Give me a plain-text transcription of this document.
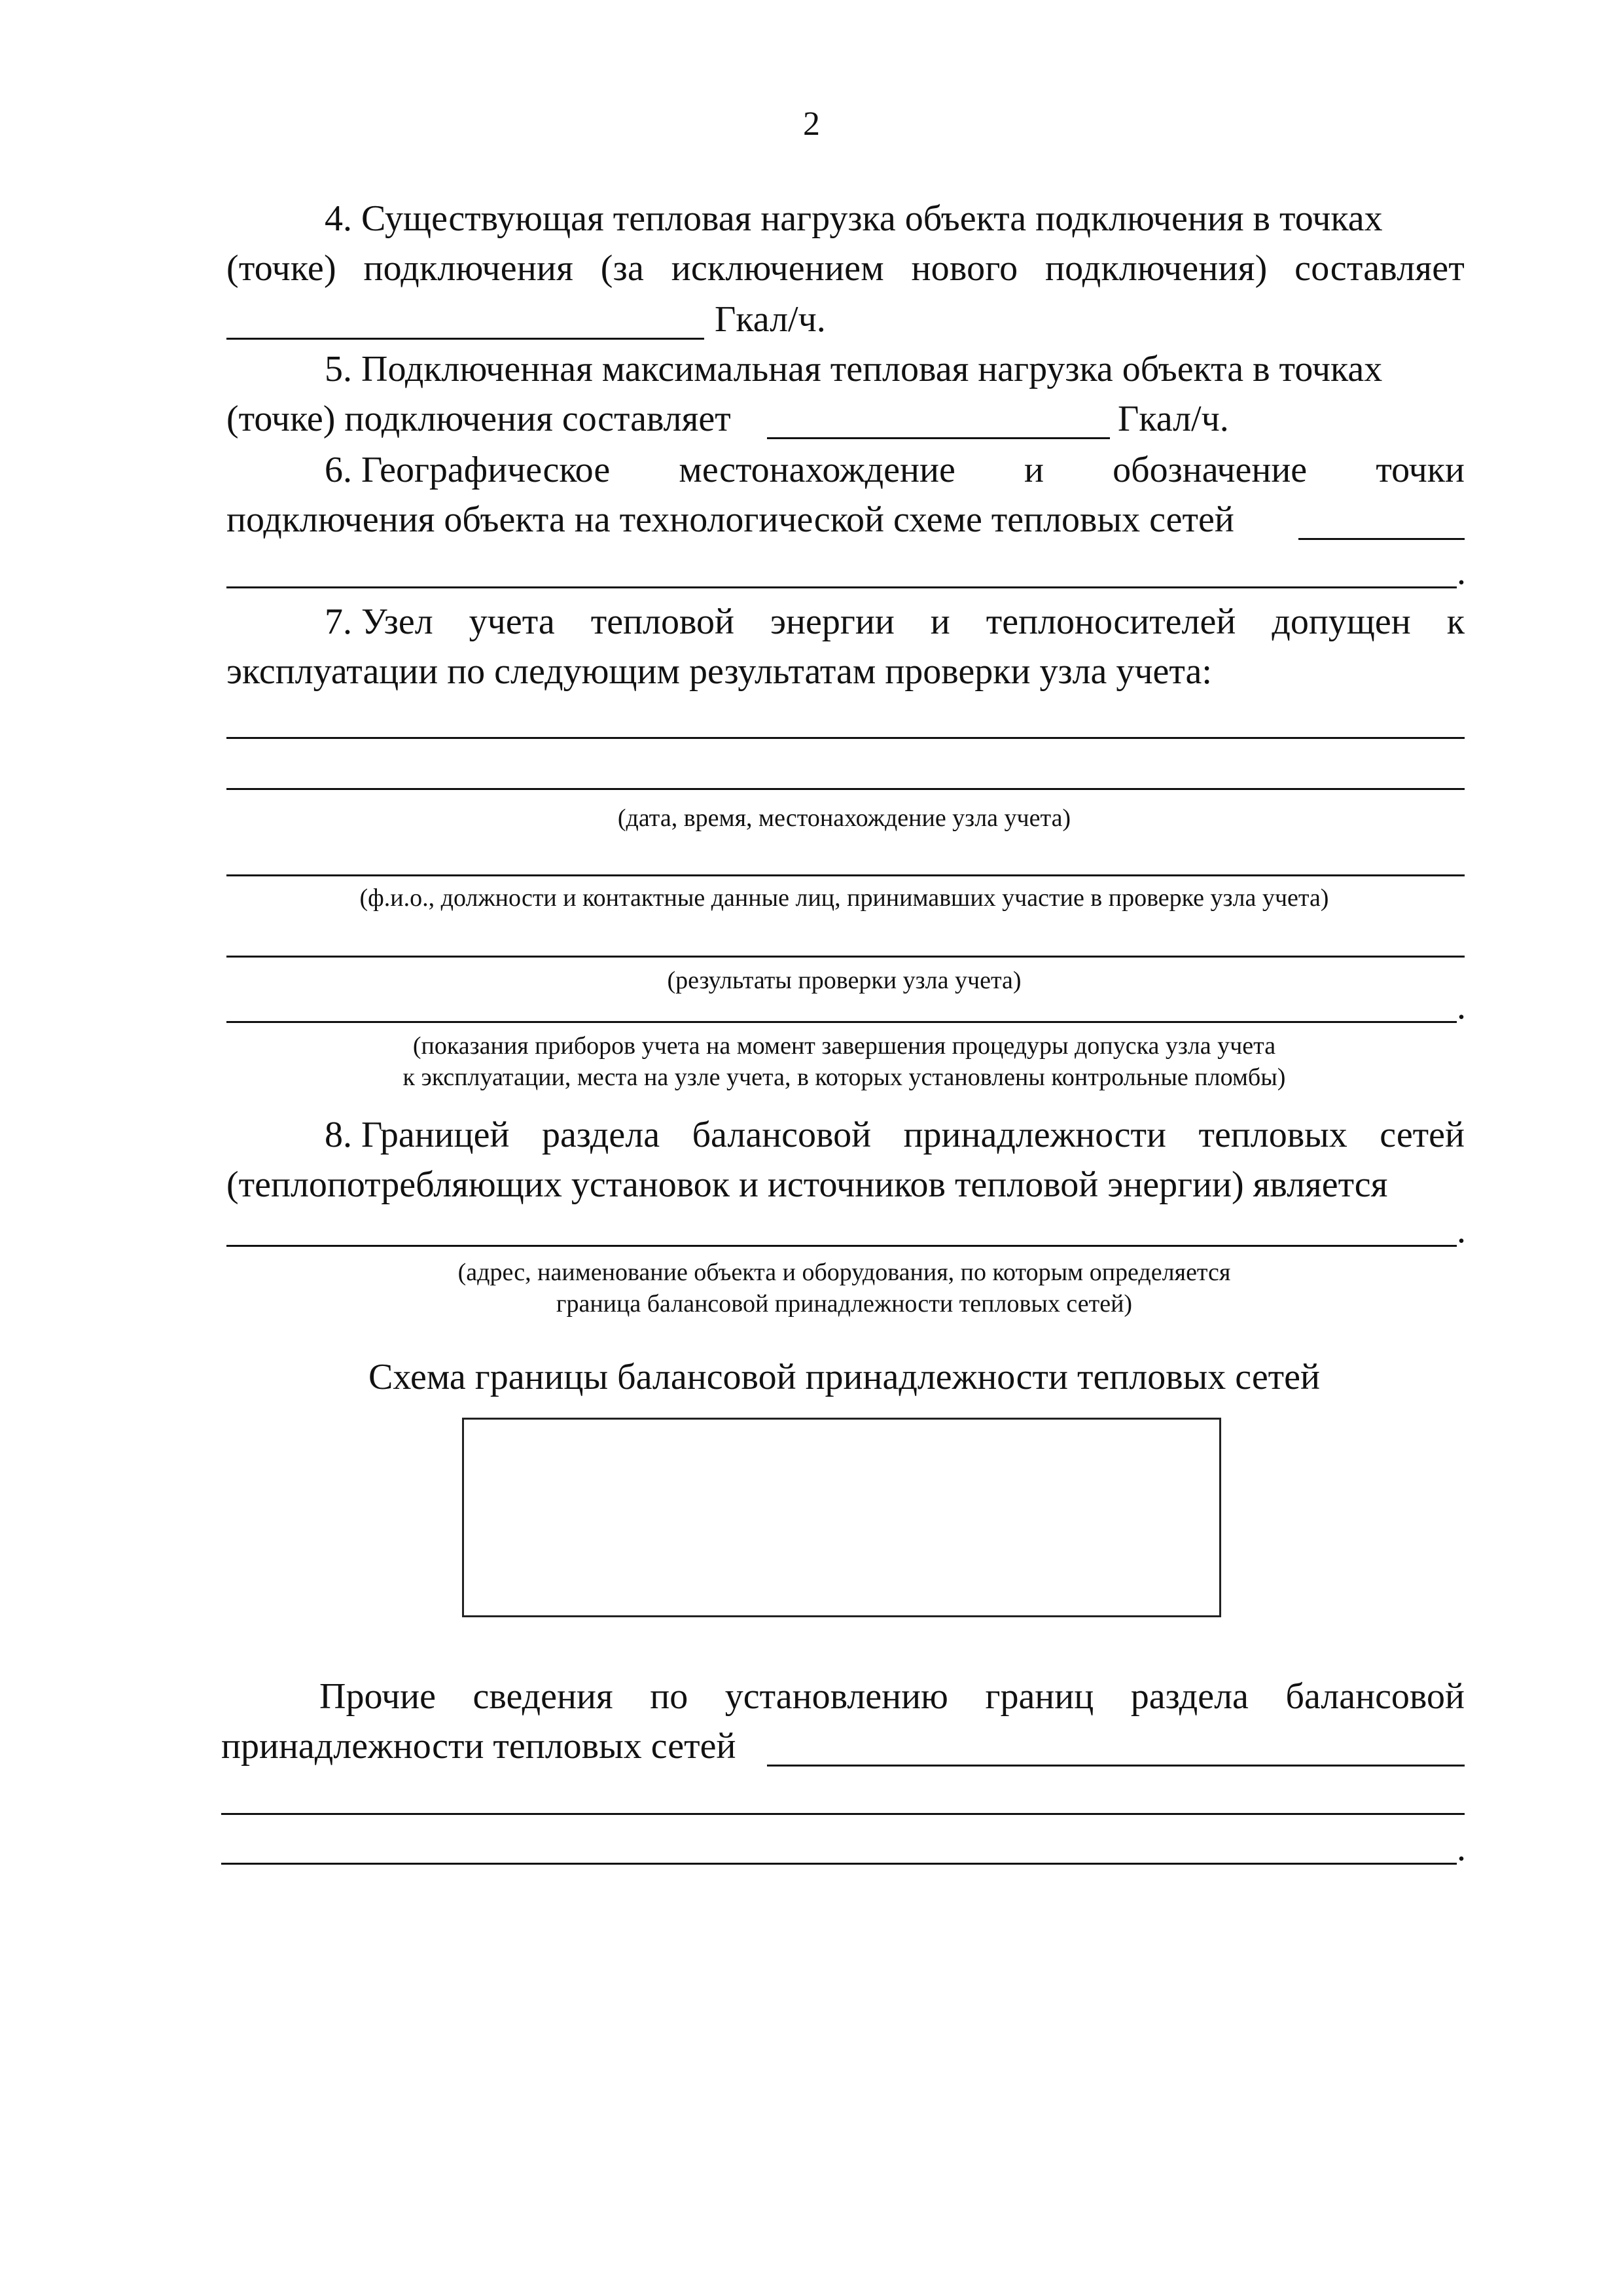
2
4. Существующая тепловая нагрузка объекта подключения в точках
(точке) подключения (за исключением нового подключения) составляет
Гкал/ч.
5. Подключенная максимальная тепловая нагрузка объекта в точках
(точке) подключения составляет	Гкал/ч.
6. Географическое местонахождение и обозначение точки
подключения объекта на технологической схеме тепловых сетей
.
7. Узел учета тепловой энергии и теплоносителей допущен к
эксплуатации по следующим результатам проверки узла учета:
(дата, время, местонахождение узла учета)
(ф.и.о., должности и контактные данные лиц, принимавших участие в проверке узла учета)
(результаты проверки узла учета)
.
(показания приборов учета на момент завершения процедуры допуска узла учета
к эксплуатации, места на узле учета, в которых установлены контрольные пломбы)
8. Границей раздела балансовой принадлежности тепловых сетей
(теплопотребляющих установок и источников тепловой энергии) является
.
(адрес, наименование объекта и оборудования, по которым определяется
граница балансовой принадлежности тепловых сетей)
Схема границы балансовой принадлежности тепловых сетей
Прочие сведения по установлению границ раздела балансовой
принадлежности тепловых сетей
.
